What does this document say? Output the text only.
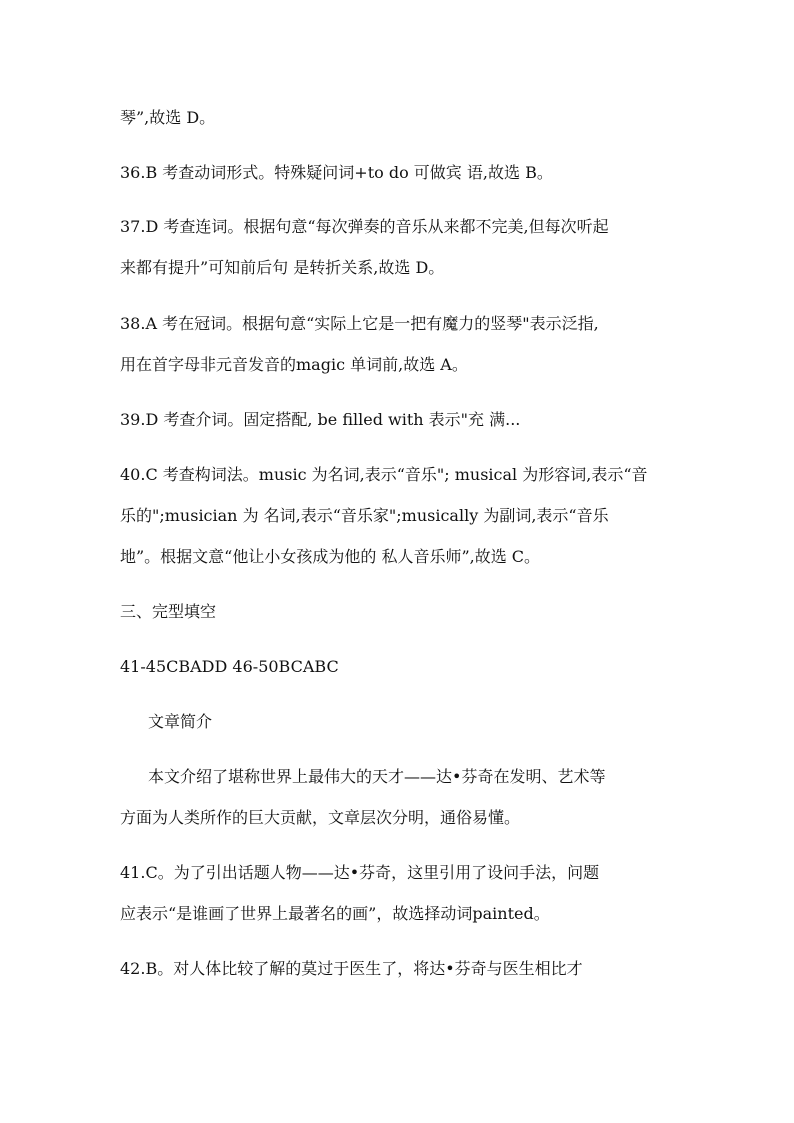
琴”,故选 D。
36.B 考查动词形式。特殊疑问词+to do 可做宾 语,故选 B。
37.D 考查连词。根据句意“每次弹奏的音乐从来都不完美,但每次听起
来都有提升”可知前后句 是转折关系,故选 D。
38.A 考在冠词。根据句意“实际上它是一把有魔力的竖琴"表示泛指,
用在首字母非元音发音的magic 单词前,故选 A。
39.D 考查介词。固定搭配, be filled with 表示"充 满...
40.C 考查构词法。music 为名词,表示“音乐"; musical 为形容词,表示“音
乐的";musician 为 名词,表示“音乐家";musically 为副词,表示“音乐
地”。根据文意“他让小女孩成为他的 私人音乐师”,故选 C。
三、完型填空
41-45CBADD 46-50BCABC
文章简介
本文介绍了堪称世界上最伟大的天才——达•芬奇在发明、艺术等
方面为人类所作的巨大贡献，文章层次分明，通俗易懂。
41.C。为了引出话题人物——达•芬奇，这里引用了设问手法，问题
应表示“是谁画了世界上最著名的画”，故选择动词painted。
42.B。对人体比较了解的莫过于医生了，将达•芬奇与医生相比才
